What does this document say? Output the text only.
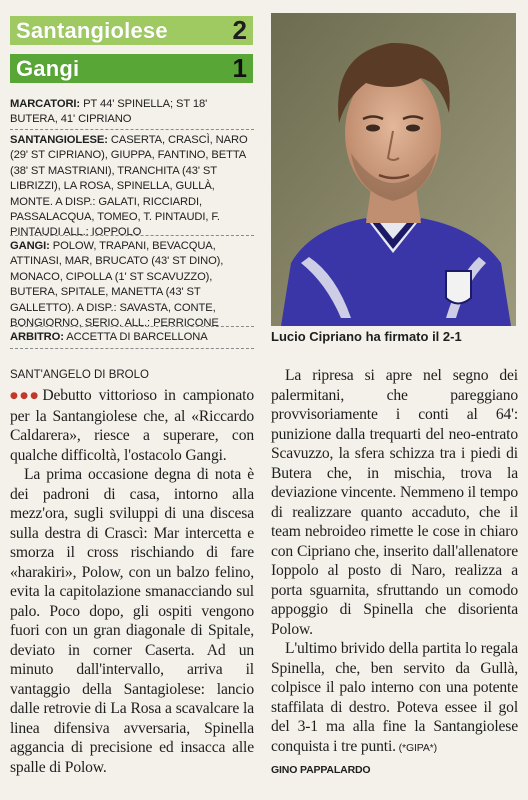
Santangiolese 2
Gangi	1
MARCATORI: PT 44' SPINELLA; ST 18' BUTERA, 41' CIPRIANO
SANTANGIOLESE: CASERTA, CRASCÌ, NARO (29' ST CIPRIANO), GIUPPA, FANTINO, BETTA (38' ST MASTRIANI), TRANCHITA (43' ST LIBRIZZI), LA ROSA, SPINELLA, GULLÀ, MONTE. A DISP.: GALATI, RICCIARDI, PASSALACQUA, TOMEO, T. PINTAUDI, F. PINTAUDI ALL.: IOPPOLO
GANGI: POLOW, TRAPANI, BEVACQUA, ATTINASI, MAR, BRUCATO (43' ST DINO), MONACO, CIPOLLA (1' ST SCAVUZZO), BUTERA, SPITALE, MANETTA (43' ST GALLETTO). A DISP.: SAVASTA, CONTE, BONGIORNO, SERIO. ALL.: PERRICONE
ARBITRO: ACCETTA DI BARCELLONA	Lucio Cipriano ha firmato il 2-1
SANT'ANGELO DI BROLO

●●● Debutto vittorioso in campionato per la Santangiolese che, al «Riccardo Caldarera», riesce a superare, con qualche difficoltà, l'ostacolo Gangi.

La prima occasione degna di nota è dei padroni di casa, intorno alla mezz'ora, sugli sviluppi di una discesa sulla destra di Crascì: Mar intercetta e smorza il cross rischiando di fare «harakiri», Polow, con un balzo felino, evita la capitolazione smanacciando sul palo. Poco dopo, gli ospiti vengono fuori con un gran diagonale di Spitale, deviato in corner Caserta. Ad un minuto dall'intervallo, arriva il vantaggio della Santagiolese: lancio dalle retrovie di La Rosa a scavalcare la linea difensiva avversaria, Spinella aggancia di precisione ed insacca alle spalle di Polow.

La ripresa si apre nel segno dei palermitani, che pareggiano provvisoriamente i conti al 64': punizione dalla trequarti del neo-entrato Scavuzzo, la sfera schizza tra i piedi di Butera che, in mischia, trova la deviazione vincente. Nemmeno il tempo di realizzare quanto accaduto, che il team nebroideo rimette le cose in chiaro con Cipriano che, inserito dall'allenatore Ioppolo al posto di Naro, realizza a porta sguarnita, sfruttando un comodo appoggio di Spinella che disorienta Polow.

L'ultimo brivido della partita lo regala Spinella, che, ben servito da Gullà, colpisce il palo interno con una potente staffilata di destro. Poteva essee il gol del 3-1 ma alla fine la Santangiolese conquista i tre punti. (*GIPA*)

GINO PAPPALARDO
